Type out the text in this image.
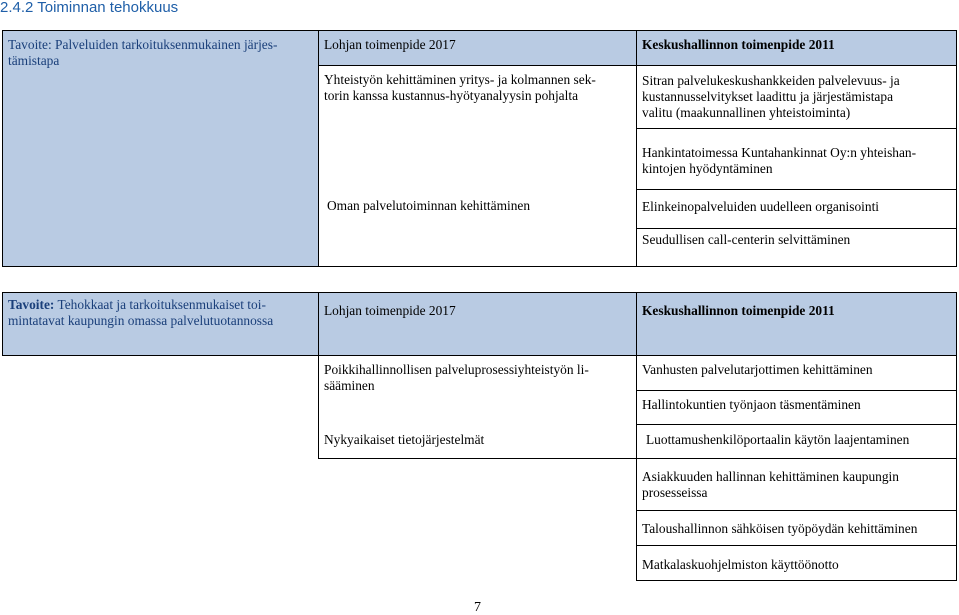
2.4.2 Toiminnan tehokkuus
Tavoite: Palveluiden tarkoituksenmukainen järjes-
tämistapa
Lohjan toimenpide 2017	Keskushallinnon toimenpide 2011
Yhteistyön kehittäminen yritys- ja kolmannen sek-
torin kanssa kustannus-hyötyanalyysin pohjalta
Oman palvelutoiminnan kehittäminen
Sitran palvelukeskushankkeiden palvelevuus- ja
kustannusselvitykset laadittu ja järjestämistapa
valitu (maakunnallinen yhteistoiminta)
Hankintatoimessa Kuntahankinnat Oy:n yhteishan-
kintojen hyödyntäminen
Elinkeinopalveluiden uudelleen organisointi
Seudullisen call-centerin selvittäminen
Tavoite: Tehokkaat ja tarkoituksenmukaiset toi-
mintatavat kaupungin omassa palvelutuotannossa
Lohjan toimenpide 2017	Keskushallinnon toimenpide 2011
Poikkihallinnollisen palveluprosessiyhteistyön li-
sääminen
Nykyaikaiset tietojärjestelmät
Vanhusten palvelutarjottimen kehittäminen
Hallintokuntien työnjaon täsmentäminen
Luottamushenkilöportaalin käytön laajentaminen
Asiakkuuden hallinnan kehittäminen kaupungin
prosesseissa
Taloushallinnon sähköisen työpöydän kehittäminen
Matkalaskuohjelmiston käyttöönotto
7
